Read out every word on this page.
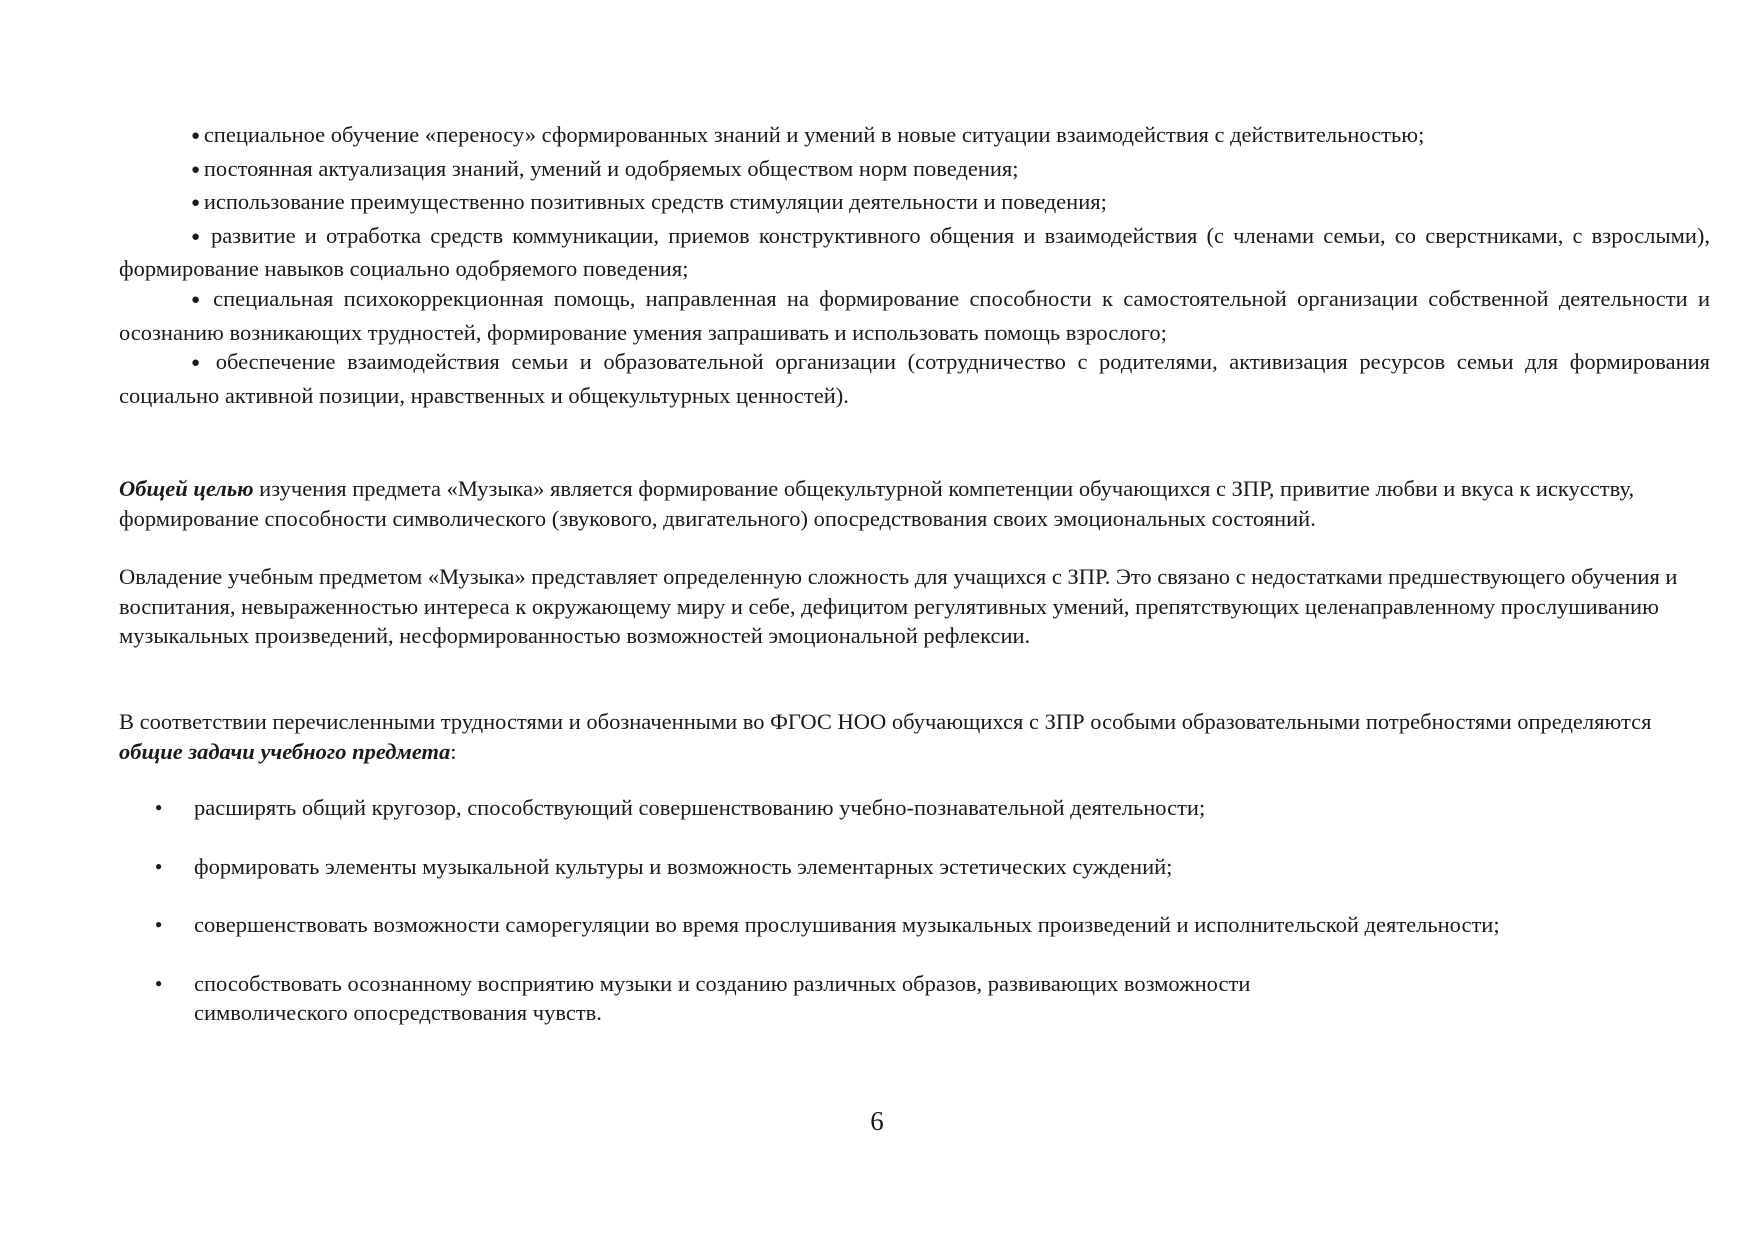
● специальное обучение «переносу» сформированных знаний и умений в новые ситуации взаимодействия с действительностью;

● постоянная актуализация знаний, умений и одобряемых обществом норм поведения;

● использование преимущественно позитивных средств стимуляции деятельности и поведения;

● развитие и отработка средств коммуникации, приемов конструктивного общения и взаимодействия (с членами семьи, со сверстниками, с взрослыми), формирование навыков социально одобряемого поведения;

● специальная психокоррекционная помощь, направленная на формирование способности к самостоятельной организации собственной деятельности и осознанию возникающих трудностей, формирование умения запрашивать и использовать помощь взрослого;

● обеспечение взаимодействия семьи и образовательной организации (сотрудничество с родителями, активизация ресурсов семьи для формирования социально активной позиции, нравственных и общекультурных ценностей).

Общей целью изучения предмета «Музыка» является формирование общекультурной компетенции обучающихся с ЗПР, привитие любви и вкуса к искусству, формирование способности символического (звукового, двигательного) опосредствования своих эмоциональных состояний.

Овладение учебным предметом «Музыка» представляет определенную сложность для учащихся с ЗПР. Это связано с недостатками предшествующего обучения и воспитания, невыраженностью интереса к окружающему миру и себе, дефицитом регулятивных умений, препятствующих целенаправленному прослушиванию музыкальных произведений, несформированностью возможностей эмоциональной рефлексии.

В соответствии перечисленными трудностями и обозначенными во ФГОС НОО обучающихся с ЗПР особыми образовательными потребностями определяются общие задачи учебного предмета:

● расширять общий кругозор, способствующий совершенствованию учебно-познавательной деятельности;
● формировать элементы музыкальной культуры и возможность элементарных эстетических суждений;
● совершенствовать возможности саморегуляции во время прослушивания музыкальных произведений и исполнительской деятельности;
● способствовать осознанному восприятию музыки и созданию различных образов, развивающих возможности символического опосредствования чувств.
6
